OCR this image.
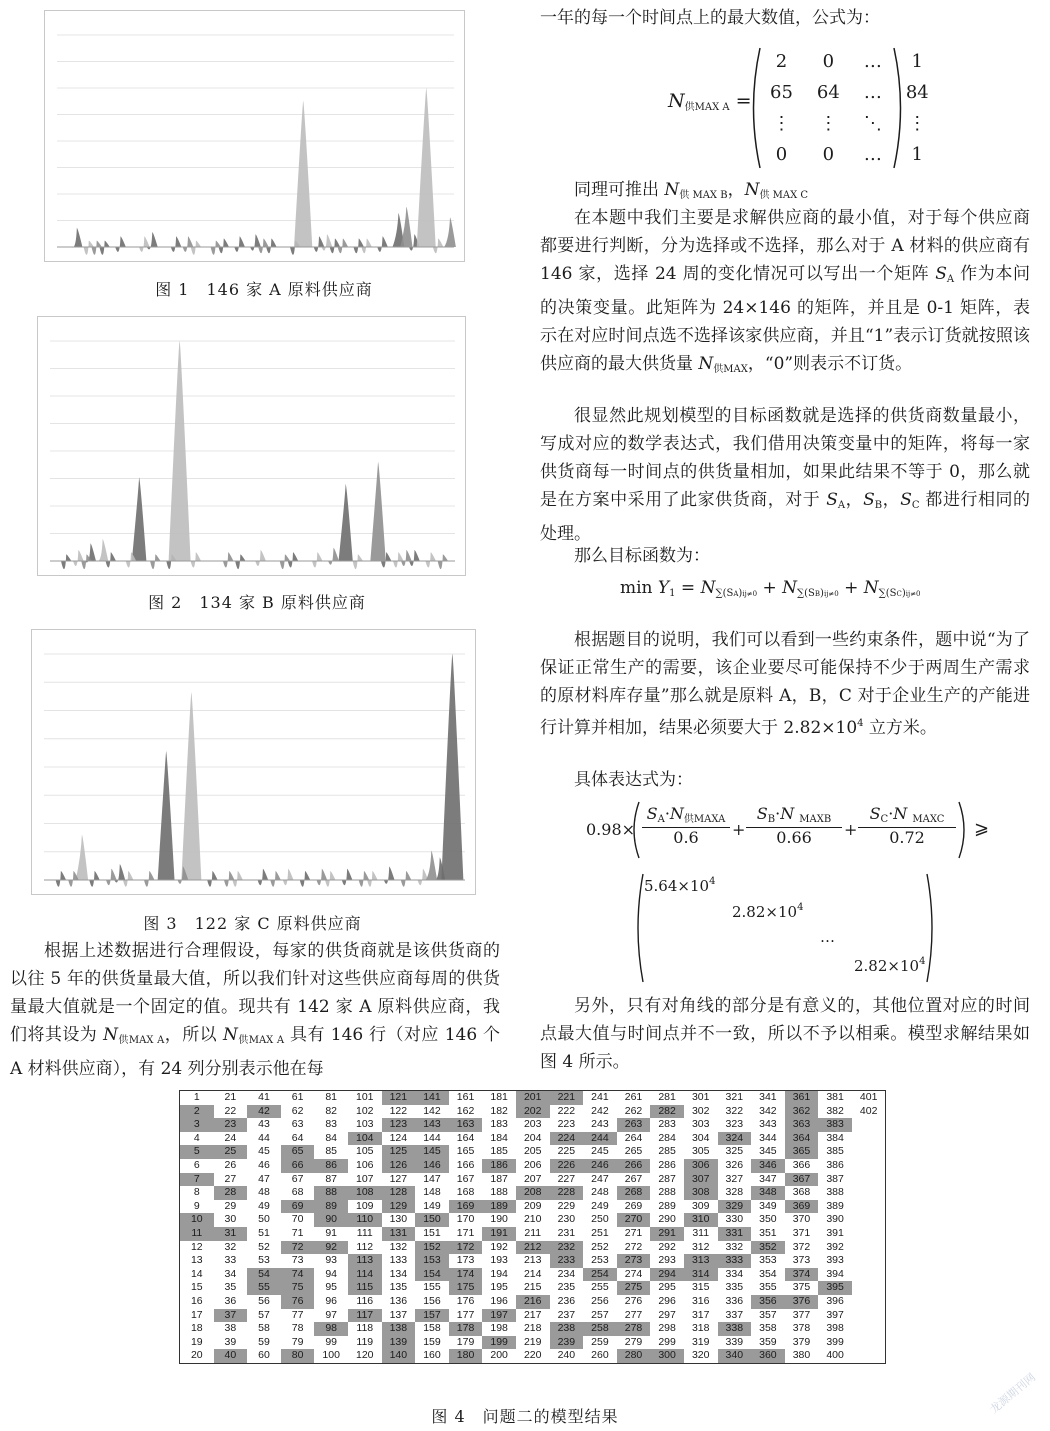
图 1　146 家 A 原料供应商
图 2　134 家 B 原料供应商
图 3　122 家 C 原料供应商
根据上述数据进行合理假设，每家的供货商就是该供货商的以往 5 年的供货量最大值，所以我们针对这些供应商每周的供货量最大值就是一个固定的值。现共有 142 家 A 原料供应商，我们将其设为 $N_{供MAX A}$，所以 $N_{供MAX A}$ 具有 146 行（对应 146 个 A 材料供应商），有 24 列分别表示他在每
一年的每一个时间点上的最大数值，公式为：
$N_{供MAX A}$ =
2	0	…	1
65	64	…	84
⋮	⋮	⋱	⋮
0	0	…	1
同理可推出 $N_{供 MAX B}$，$N_{供 MAX C}$
在本题中我们主要是求解供应商的最小值，对于每个供应商都要进行判断，分为选择或不选择，那么对于 A 材料的供应商有 146 家，选择 24 周的变化情况可以写出一个矩阵 $S_A$ 作为本问的决策变量。此矩阵为 24×146 的矩阵，并且是 0-1 矩阵，表示在对应时间点选不选择该家供应商，并且“1”表示订货就按照该供应商的最大供货量 $N_{供MAX}$，“0”则表示不订货。
很显然此规划模型的目标函数就是选择的供货商数量最小，写成对应的数学表达式，我们借用决策变量中的矩阵，将每一家供货商每一时间点的供货量相加，如果此结果不等于 0，那么就是在方案中采用了此家供货商，对于 $S_A$，$S_B$，$S_C$ 都进行相同的处理。
那么目标函数为：
$\min Y_1 = N_{\sum(SA)ij\ne 0} + N_{\sum(SB)ij\ne 0} + N_{\sum(SC)ij\ne 0}$
根据题目的说明，我们可以看到一些约束条件，题中说“为了保证正常生产的需要，该企业要尽可能保持不少于两周生产需求的原材料库存量”那么就是原料 A，B，C 对于企业生产的产能进行计算并相加，结果必须要大于 $2.82\times 10^4$ 立方米。
具体表达式为：
0.98×
$S_A\cdot N_{供MAXA}$
0.6	+
$S_B\cdot N$ $_{MAXB}$
0.66	+
$S_C\cdot N$ $_{MAXC}$
0.72	⩾
$5.64\times 10^4$
$2.82\times 10^4$
…
$2.82\times 10^4$
另外，只有对角线的部分是有意义的，其他位置对应的时间点最大值与时间点并不一致，所以不予以相乘。模型求解结果如图 4 所示。
1	21	41	61	81	101	121	141	161	181	201	221	241	261	281	301	321	341	361	381	401
2	22	42	62	82	102	122	142	162	182	202	222	242	262	282	302	322	342	362	382	402
3	23	43	63	83	103	123	143	163	183	203	223	243	263	283	303	323	343	363	383	
4	24	44	64	84	104	124	144	164	184	204	224	244	264	284	304	324	344	364	384	
5	25	45	65	85	105	125	145	165	185	205	225	245	265	285	305	325	345	365	385	
6	26	46	66	86	106	126	146	166	186	206	226	246	266	286	306	326	346	366	386	
7	27	47	67	87	107	127	147	167	187	207	227	247	267	287	307	327	347	367	387	
8	28	48	68	88	108	128	148	168	188	208	228	248	268	288	308	328	348	368	388	
9	29	49	69	89	109	129	149	169	189	209	229	249	269	289	309	329	349	369	389	
10	30	50	70	90	110	130	150	170	190	210	230	250	270	290	310	330	350	370	390	
11	31	51	71	91	111	131	151	171	191	211	231	251	271	291	311	331	351	371	391	
12	32	52	72	92	112	132	152	172	192	212	232	252	272	292	312	332	352	372	392	
13	33	53	73	93	113	133	153	173	193	213	233	253	273	293	313	333	353	373	393	
14	34	54	74	94	114	134	154	174	194	214	234	254	274	294	314	334	354	374	394	
15	35	55	75	95	115	135	155	175	195	215	235	255	275	295	315	335	355	375	395	
16	36	56	76	96	116	136	156	176	196	216	236	256	276	296	316	336	356	376	396	
17	37	57	77	97	117	137	157	177	197	217	237	257	277	297	317	337	357	377	397	
18	38	58	78	98	118	138	158	178	198	218	238	258	278	298	318	338	358	378	398	
19	39	59	79	99	119	139	159	179	199	219	239	259	279	299	319	339	359	379	399	
20	40	60	80	100	120	140	160	180	200	220	240	260	280	300	320	340	360	380	400	
图 4　问题二的模型结果
龙源期刊网
